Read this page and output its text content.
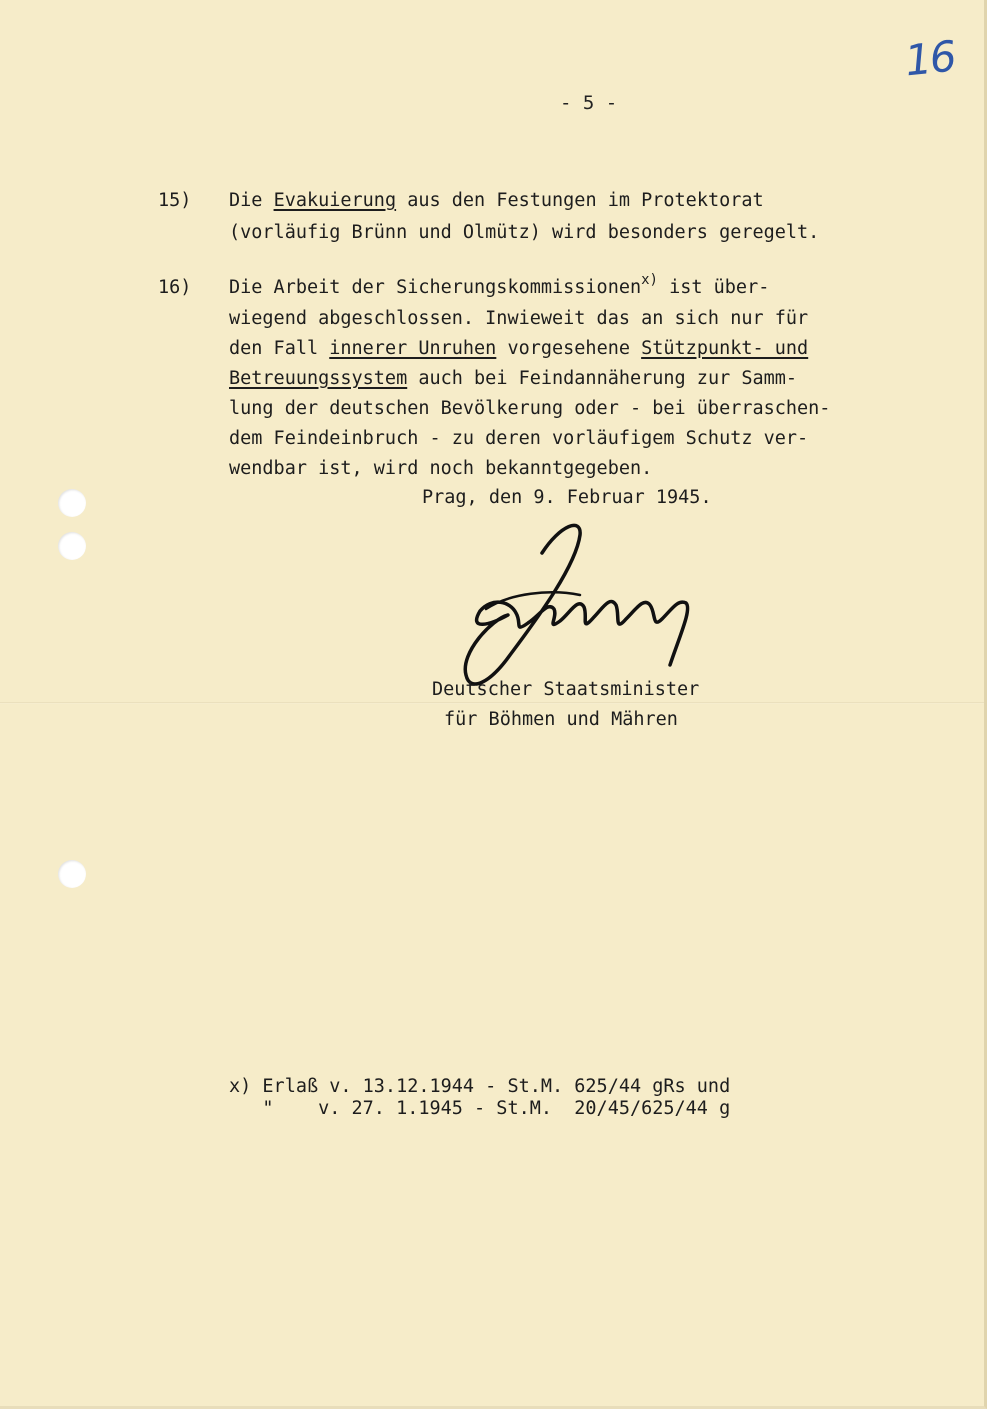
16
- 5 -
15) Die Evakuierung aus den Festungen im Protektorat
(vorläufig Brünn und Olmütz) wird besonders geregelt.
16) Die Arbeit der Sicherungskommissionen$^{x)}$ ist über-
wiegend abgeschlossen. Inwieweit das an sich nur für
den Fall innerer Unruhen vorgesehene Stützpunkt- und
Betreuungssystem auch bei Feindannäherung zur Samm-
lung der deutschen Bevölkerung oder - bei überraschen-
dem Feindeinbruch - zu deren vorläufigem Schutz ver-
wendbar ist, wird noch bekanntgegeben.
Prag, den 9. Februar 1945.
Deutscher Staatsminister
für Böhmen und Mähren
x) Erlaß v. 13.12.1944 - St.M. 625/44 gRs und
"    v. 27. 1.1945 - St.M.  20/45/625/44 g
